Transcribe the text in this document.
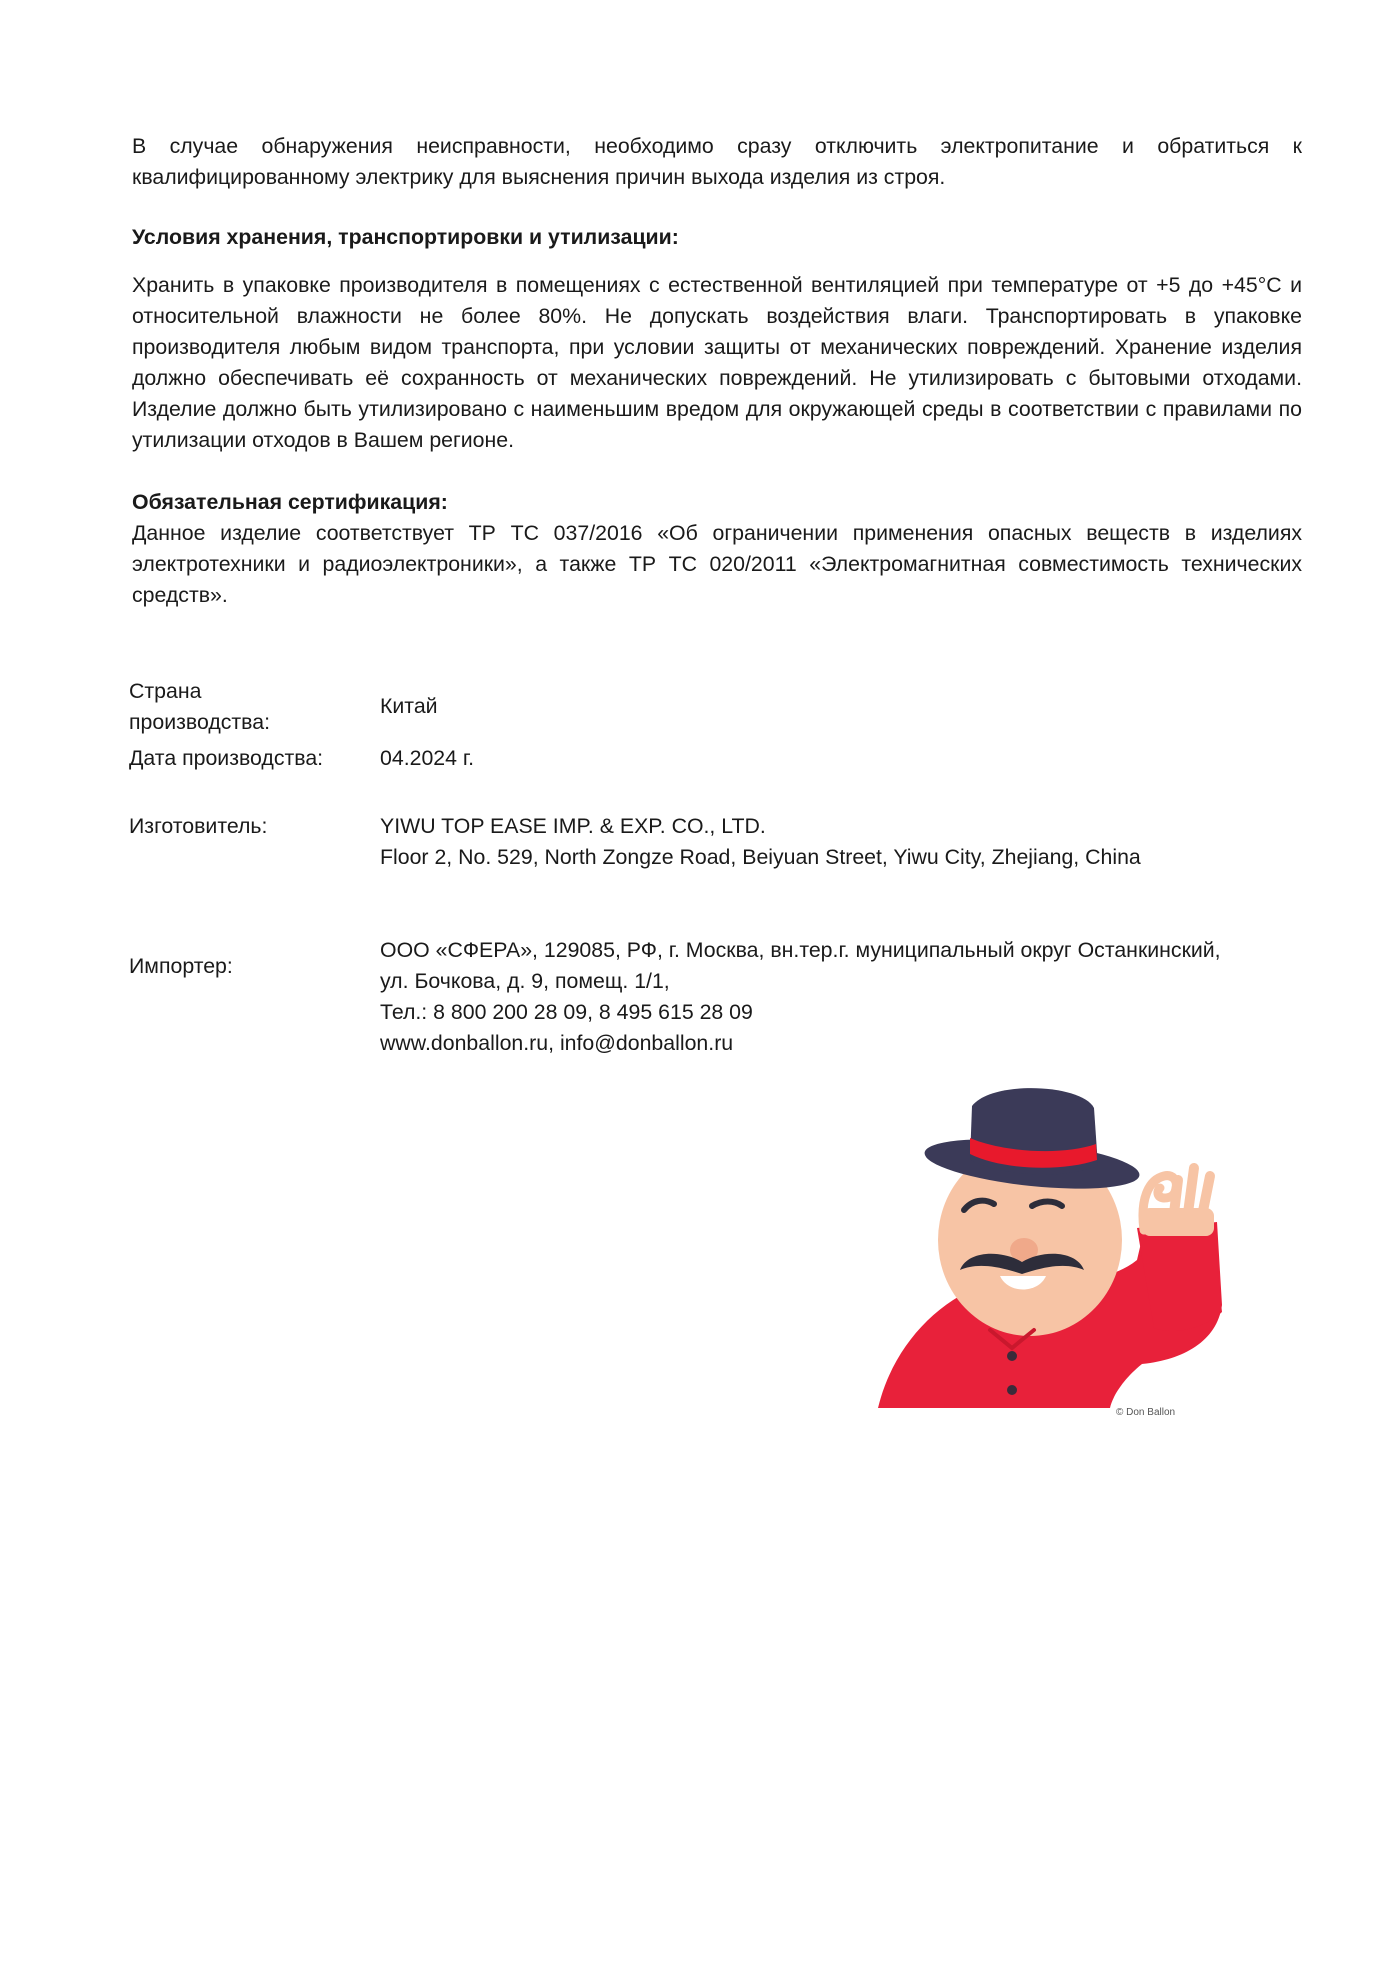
В случае обнаружения неисправности, необходимо сразу отключить электропитание и обратиться к квалифицированному электрику для выяснения причин выхода изделия из строя.

Условия хранения, транспортировки и утилизации:

Хранить в упаковке производителя в помещениях с естественной вентиляцией при температуре от +5 до +45°С и относительной влажности не более 80%. Не допускать воздействия влаги. Транспортировать в упаковке производителя любым видом транспорта, при условии защиты от механических повреждений. Хранение изделия должно обеспечивать её сохранность от механических повреждений. Не утилизировать с бытовыми отходами. Изделие должно быть утилизировано с наименьшим вредом для окружающей среды в соответствии с правилами по утилизации отходов в Вашем регионе.

Обязательная сертификация:

Данное изделие соответствует ТР ТС 037/2016 «Об ограничении применения опасных веществ в изделиях электротехники и радиоэлектроники», а также ТР ТС 020/2011 «Электромагнитная совместимость технических средств».

Страна
производства:
Китай
Дата производства:	04.2024 г.
Изготовитель:	YIWU TOP EASE IMP. & EXP. CO., LTD.
Floor 2, No. 529, North Zongze Road, Beiyuan Street, Yiwu City, Zhejiang, China
Импортер:
ООО «СФЕРА», 129085, РФ, г. Москва, вн.тер.г. муниципальный округ Останкинский,
ул. Бочкова, д. 9, помещ. 1/1,
Тел.: 8 800 200 28 09, 8 495 615 28 09
www.donballon.ru, info@donballon.ru
© Don Ballon
